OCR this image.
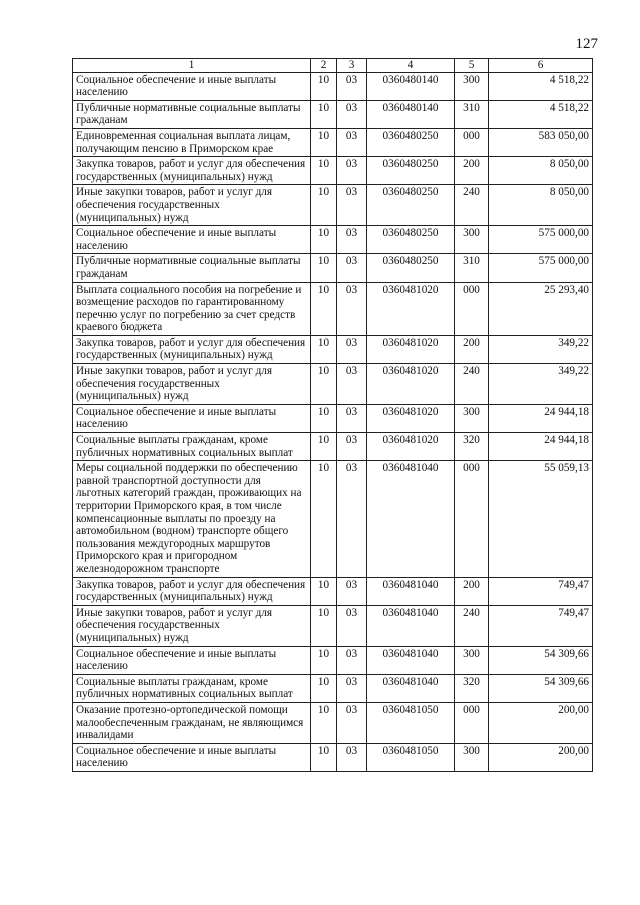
127
1	2	3	4	5	6
Социальное обеспечение и иные выплаты населению	10	03	0360480140	300	4 518,22
Публичные нормативные социальные выплаты гражданам	10	03	0360480140	310	4 518,22
Единовременная социальная выплата лицам, получающим пенсию в Приморском крае	10	03	0360480250	000	583 050,00
Закупка товаров, работ и услуг для обеспечения государственных (муниципальных) нужд	10	03	0360480250	200	8 050,00
Иные закупки товаров, работ и услуг для обеспечения государственных (муниципальных) нужд	10	03	0360480250	240	8 050,00
Социальное обеспечение и иные выплаты населению	10	03	0360480250	300	575 000,00
Публичные нормативные социальные выплаты гражданам	10	03	0360480250	310	575 000,00
Выплата социального пособия на погребение и возмещение расходов по гарантированному перечню услуг по погребению за счет средств краевого бюджета	10	03	0360481020	000	25 293,40
Закупка товаров, работ и услуг для обеспечения государственных (муниципальных) нужд	10	03	0360481020	200	349,22
Иные закупки товаров, работ и услуг для обеспечения государственных (муниципальных) нужд	10	03	0360481020	240	349,22
Социальное обеспечение и иные выплаты населению	10	03	0360481020	300	24 944,18
Социальные выплаты гражданам, кроме публичных нормативных социальных выплат	10	03	0360481020	320	24 944,18
Меры социальной поддержки по обеспечению равной транспортной доступности для льготных категорий граждан, проживающих на территории Приморского края, в том числе компенсационные выплаты по проезду на автомобильном (водном) транспорте общего пользования междугородных маршрутов Приморского края и пригородном железнодорожном транспорте	10	03	0360481040	000	55 059,13
Закупка товаров, работ и услуг для обеспечения государственных (муниципальных) нужд	10	03	0360481040	200	749,47
Иные закупки товаров, работ и услуг для обеспечения государственных (муниципальных) нужд	10	03	0360481040	240	749,47
Социальное обеспечение и иные выплаты населению	10	03	0360481040	300	54 309,66
Социальные выплаты гражданам, кроме публичных нормативных социальных выплат	10	03	0360481040	320	54 309,66
Оказание протезно-ортопедической помощи малообеспеченным гражданам, не являющимся инвалидами	10	03	0360481050	000	200,00
Социальное обеспечение и иные выплаты населению	10	03	0360481050	300	200,00
